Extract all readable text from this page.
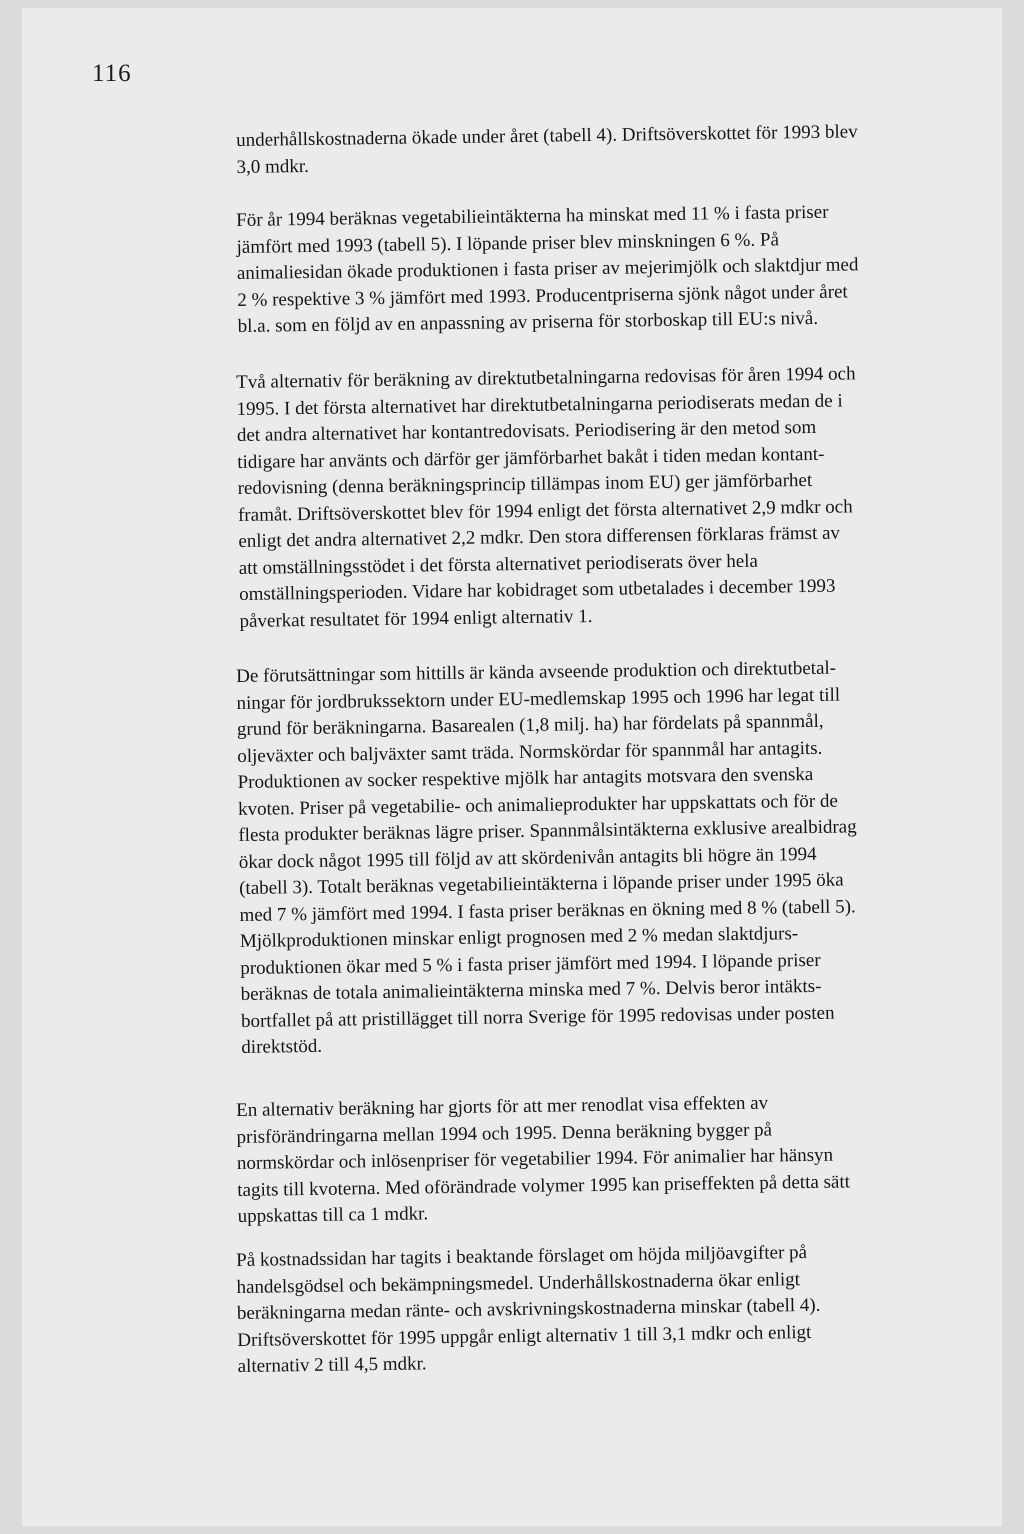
116
underhållskostnaderna ökade under året (tabell 4). Driftsöverskottet för 1993 blev
3,0 mdkr.
För år 1994 beräknas vegetabilieintäkterna ha minskat med 11 % i fasta priser
jämfört med 1993 (tabell 5). I löpande priser blev minskningen 6 %. På
animaliesidan ökade produktionen i fasta priser av mejerimjölk och slaktdjur med
2 % respektive 3 % jämfört med 1993. Producentpriserna sjönk något under året
bl.a. som en följd av en anpassning av priserna för storboskap till EU:s nivå.
Två alternativ för beräkning av direktutbetalningarna redovisas för åren 1994 och
1995. I det första alternativet har direktutbetalningarna periodiserats medan de i
det andra alternativet har kontantredovisats. Periodisering är den metod som
tidigare har använts och därför ger jämförbarhet bakåt i tiden medan kontant-
redovisning (denna beräkningsprincip tillämpas inom EU) ger jämförbarhet
framåt. Driftsöverskottet blev för 1994 enligt det första alternativet 2,9 mdkr och
enligt det andra alternativet 2,2 mdkr. Den stora differensen förklaras främst av
att omställningsstödet i det första alternativet periodiserats över hela
omställningsperioden. Vidare har kobidraget som utbetalades i december 1993
påverkat resultatet för 1994 enligt alternativ 1.
De förutsättningar som hittills är kända avseende produktion och direktutbetal-
ningar för jordbrukssektorn under EU-medlemskap 1995 och 1996 har legat till
grund för beräkningarna. Basarealen (1,8 milj. ha) har fördelats på spannmål,
oljeväxter och baljväxter samt träda. Normskördar för spannmål har antagits.
Produktionen av socker respektive mjölk har antagits motsvara den svenska
kvoten. Priser på vegetabilie- och animalieprodukter har uppskattats och för de
flesta produkter beräknas lägre priser. Spannmålsintäkterna exklusive arealbidrag
ökar dock något 1995 till följd av att skördenivån antagits bli högre än 1994
(tabell 3). Totalt beräknas vegetabilieintäkterna i löpande priser under 1995 öka
med 7 % jämfört med 1994. I fasta priser beräknas en ökning med 8 % (tabell 5).
Mjölkproduktionen minskar enligt prognosen med 2 % medan slaktdjurs-
produktionen ökar med 5 % i fasta priser jämfört med 1994. I löpande priser
beräknas de totala animalieintäkterna minska med 7 %. Delvis beror intäkts-
bortfallet på att pristillägget till norra Sverige för 1995 redovisas under posten
direktstöd.
En alternativ beräkning har gjorts för att mer renodlat visa effekten av
prisförändringarna mellan 1994 och 1995. Denna beräkning bygger på
normskördar och inlösenpriser för vegetabilier 1994. För animalier har hänsyn
tagits till kvoterna. Med oförändrade volymer 1995 kan priseffekten på detta sätt
uppskattas till ca 1 mdkr.
På kostnadssidan har tagits i beaktande förslaget om höjda miljöavgifter på
handelsgödsel och bekämpningsmedel. Underhållskostnaderna ökar enligt
beräkningarna medan ränte- och avskrivningskostnaderna minskar (tabell 4).
Driftsöverskottet för 1995 uppgår enligt alternativ 1 till 3,1 mdkr och enligt
alternativ 2 till 4,5 mdkr.
